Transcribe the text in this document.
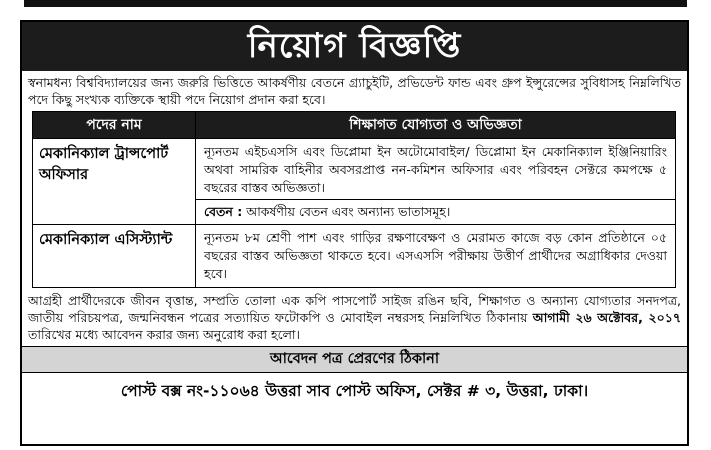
নিয়োগ বিজ্ঞপ্তি
স্বনামধন্য বিশ্ববিদ্যালয়ের জন্য জরুরি ভিত্তিতে আকর্ষণীয় বেতনে গ্র্যাচুইটি, প্রভিডেন্ট ফান্ড এবং গ্রুপ ইন্সুরেন্সের সুবিধাসহ নিম্নলিখিত পদে কিছু সংখ্যক ব্যক্তিকে স্থায়ী পদে নিয়োগ প্রদান করা হবে।
পদের নাম	শিক্ষাগত যোগ্যতা ও অভিজ্ঞতা
মেকানিক্যাল ট্রান্সপোর্ট অফিসার	ন্যূনতম এইচএসসি এবং ডিপ্লোমা ইন অটোমোবাইল/ ডিপ্লোমা ইন মেকানিক্যাল ইঞ্জিনিয়ারিং অথবা সামরিক বাহিনীর অবসরপ্রাপ্ত নন-কমিশন অফিসার এবং পরিবহন সেক্টরে কমপক্ষে ৫ বছরের বাস্তব অভিজ্ঞতা।
বেতন : আকর্ষণীয় বেতন এবং অন্যান্য ভাতাসমূহ।

মেকানিক্যাল এসিস্ট্যান্ট	ন্যূনতম ৮ম শ্রেণী পাশ এবং গাড়ির রক্ষণাবেক্ষণ ও মেরামত কাজে বড় কোন প্রতিষ্ঠানে ০৫ বছরের বাস্তব অভিজ্ঞতা থাকতে হবে। এসএসসি পরীক্ষায় উত্তীর্ণ প্রার্থীদের অগ্রাধিকার দেওয়া হবে।
আগ্রহী প্রার্থীদেরকে জীবন বৃত্তান্ত, সম্প্রতি তোলা এক কপি পাসপোর্ট সাইজ রঙিন ছবি, শিক্ষাগত ও অন্যান্য যোগ্যতার সনদপত্র, জাতীয় পরিচয়পত্র, জন্মনিবন্ধন পত্রের সত্যায়িত ফটোকপি ও মোবাইল নম্বরসহ নিম্নলিখিত ঠিকানায় আগামী ২৬ অক্টোবর, ২০১৭ তারিখের মধ্যে আবেদন করার জন্য অনুরোধ করা হলো।
আবেদন পত্র প্রেরণের ঠিকানা
পোস্ট বক্স নং-১১০৬৪ উত্তরা সাব পোস্ট অফিস, সেক্টর # ৩, উত্তরা, ঢাকা।
